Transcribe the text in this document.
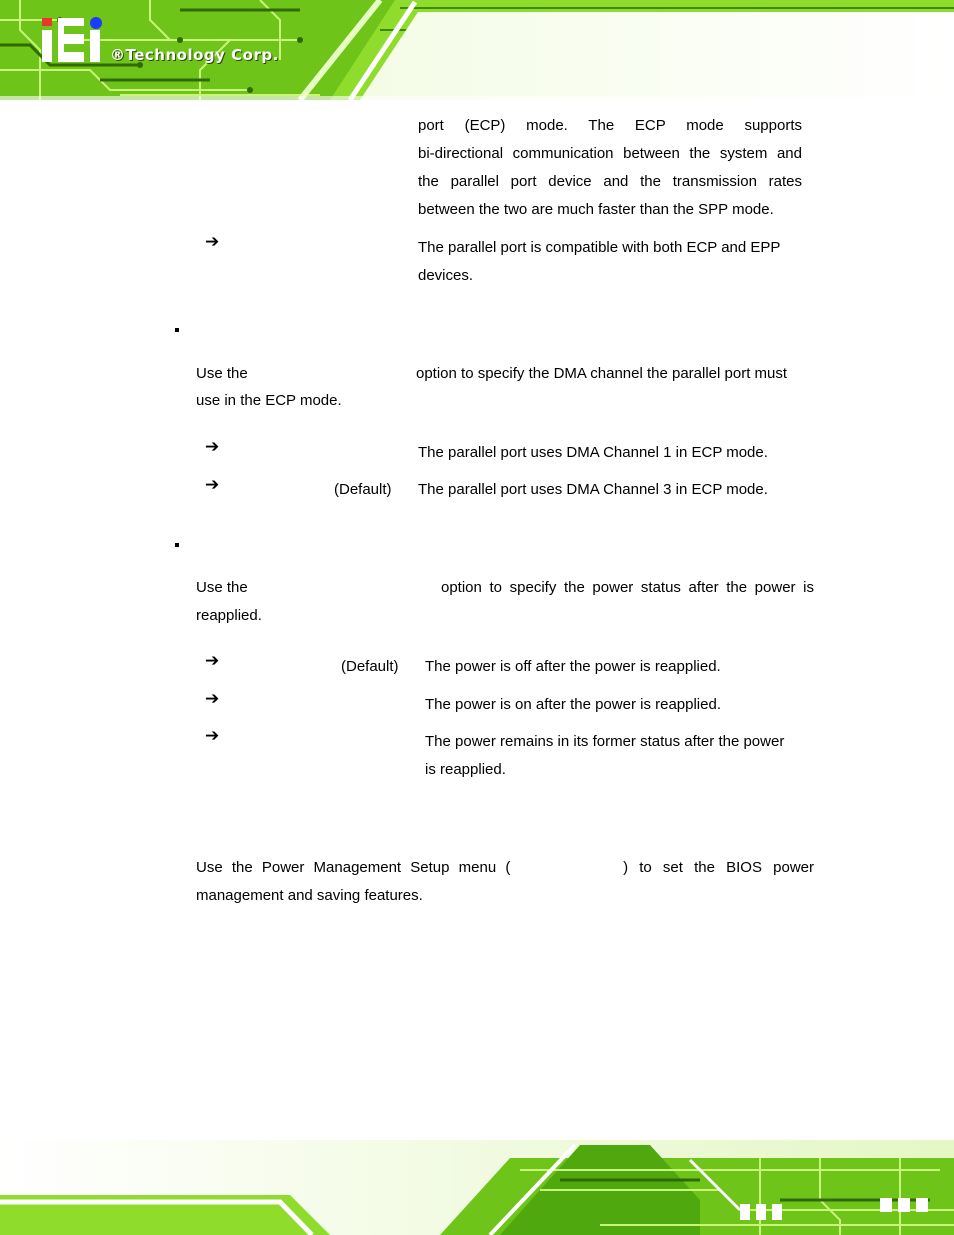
®Technology Corp.
port (ECP) mode. The ECP mode supports
bi-directional communication between the system and
the parallel port device and the transmission rates
between the two are much faster than the SPP mode.
➔	The parallel port is compatible with both ECP and EPP
devices.
Use the	option to specify the DMA channel the parallel port must
use in the ECP mode.
➔	The parallel port uses DMA Channel 1 in ECP mode.
➔	(Default) The parallel port uses DMA Channel 3 in ECP mode.
Use the	option to specify the power status after the power is
reapplied.
➔	(Default) The power is off after the power is reapplied.
➔	The power is on after the power is reapplied.
➔	The power remains in its former status after the power
is reapplied.
Use the Power Management Setup menu (	) to set the BIOS power
management and saving features.
